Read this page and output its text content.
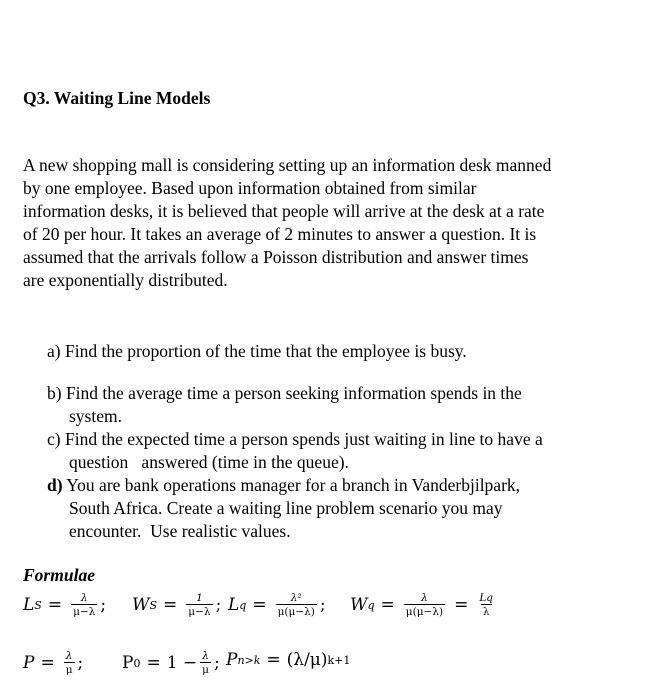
Q3. Waiting Line Models
A new shopping mall is considering setting up an information desk manned
by one employee. Based upon information obtained from similar
information desks, it is believed that people will arrive at the desk at a rate
of 20 per hour. It takes an average of 2 minutes to answer a question. It is
assumed that the arrivals follow a Poisson distribution and answer times
are exponentially distributed.
a) Find the proportion of the time that the employee is busy.
b) Find the average time a person seeking information spends in the
system.
c) Find the expected time a person spends just waiting in line to have a
question   answered (time in the queue).
d) You are bank operations manager for a branch in Vanderbjilpark,
South Africa. Create a waiting line problem scenario you may
encounter.  Use realistic values.
Formulae
L $S = \frac{\lambda}{\mu-\lambda}$ ; W $S = \frac{1}{\mu-\lambda}$ ; L $q = \frac{\text{λ²}}{\mu(\mu-\lambda)}$ ; W $q = \frac{\lambda}{\mu(\mu-\lambda)} = \frac{Lq}{\lambda}$
$P = \frac{\lambda}{\mu}$ ; P $0 = 1 - \frac{\lambda}{\mu}$ ; P n>k = (λ/μ) k+1
